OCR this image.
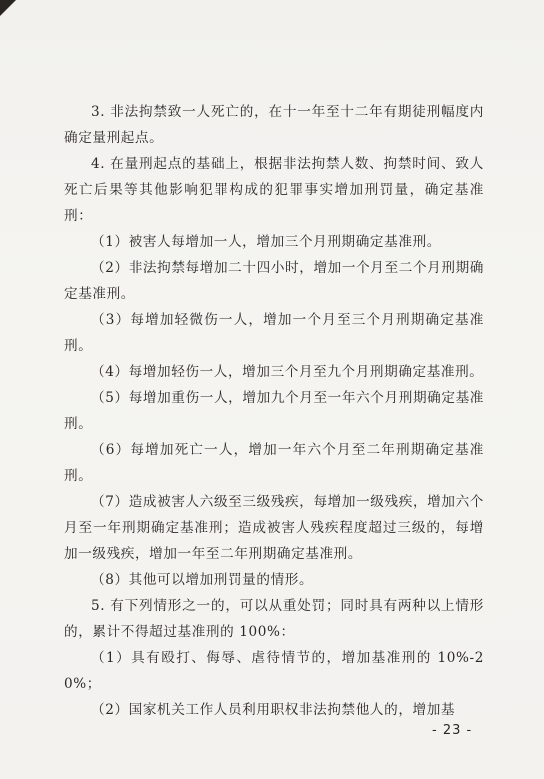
3. 非法拘禁致一人死亡的，在十一年至十二年有期徒刑幅度内确定量刑起点。

4. 在量刑起点的基础上，根据非法拘禁人数、拘禁时间、致人死亡后果等其他影响犯罪构成的犯罪事实增加刑罚量，确定基准刑：

（1）被害人每增加一人，增加三个月刑期确定基准刑。

（2）非法拘禁每增加二十四小时，增加一个月至二个月刑期确定基准刑。

（3）每增加轻微伤一人，增加一个月至三个月刑期确定基准刑。

（4）每增加轻伤一人，增加三个月至九个月刑期确定基准刑。

（5）每增加重伤一人，增加九个月至一年六个月刑期确定基准刑。

（6）每增加死亡一人，增加一年六个月至二年刑期确定基准刑。

（7）造成被害人六级至三级残疾，每增加一级残疾，增加六个月至一年刑期确定基准刑；造成被害人残疾程度超过三级的，每增加一级残疾，增加一年至二年刑期确定基准刑。

（8）其他可以增加刑罚量的情形。

5. 有下列情形之一的，可以从重处罚；同时具有两种以上情形的，累计不得超过基准刑的 100%：

（1）具有殴打、侮辱、虐待情节的，增加基准刑的 10%-20%；

（2）国家机关工作人员利用职权非法拘禁他人的，增加基

- 23 -
